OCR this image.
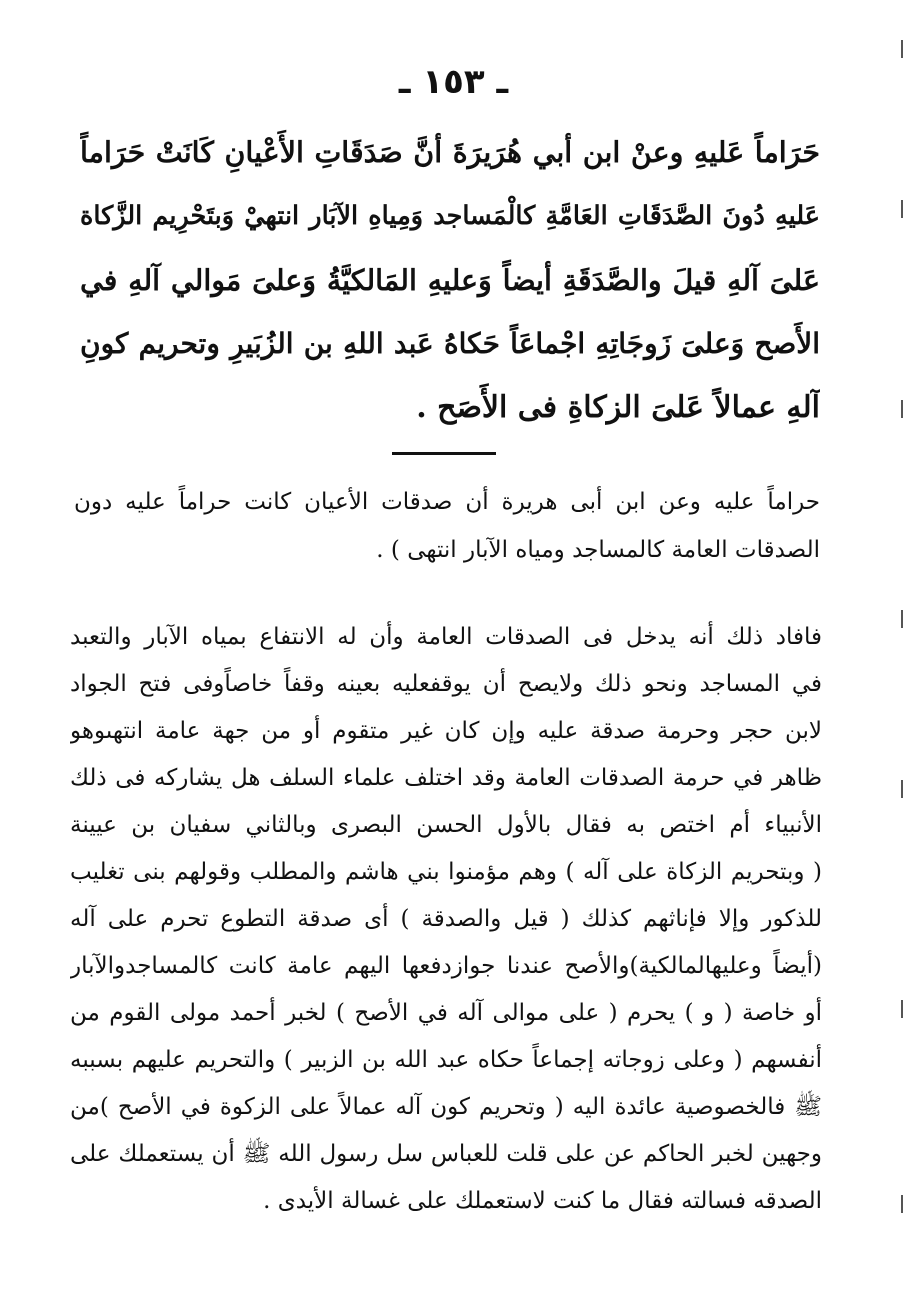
ـ ١٥٣ ـ
حَرَاماً عَليهِ وعنْ ابن أبي هُرَيرَةَ أنَّ صَدَقَاتِ الأَعْيانِ كَانَتْ حَرَاماً
عَليهِ دُونَ الصَّدَقَاتِ العَامَّةِ كالْمَساجد وَمِياهِ الآبَار انتهيْ وَبتَحْرِيم الزَّكاة
عَلىَ آلهِ قيلَ والصَّدَقَةِ أيضاً وَعليهِ المَالكيَّةُ وَعلىَ مَوالي آلهِ في
الأَصح وَعلىَ زَوجَاتِهِ اجْماعَاً حَكاهُ عَبد اللهِ بن الزُبَيرِ وتحريم كونِ
آلهِ عمالاً عَلىَ الزكاةِ فى الأَصَح .
حراماً عليه وعن ابن أبى هريرة أن صدقات الأعيان كانت حراماً عليه دون
الصدقات العامة كالمساجد ومياه الآبار انتهى ) .
فافاد ذلك أنه يدخل فى الصدقات العامة وأن له الانتفاع بمياه الآبار والتعبد
في المساجد ونحو ذلك ولايصح أن يوقفعليه بعينه وقفاً خاصاًوفى فتح الجواد
لابن حجر وحرمة صدقة عليه وإن كان غير متقوم أو من جهة عامة انتهىوهو
ظاهر في حرمة الصدقات العامة وقد اختلف علماء السلف هل يشاركه فى ذلك
الأنبياء أم اختص به فقال بالأول الحسن البصرى وبالثاني سفيان بن عيينة
( وبتحريم الزكاة على آله ) وهم مؤمنوا بني هاشم والمطلب وقولهم بنى تغليب
للذكور وإلا فإناثهم كذلك ( قيل والصدقة ) أى صدقة التطوع تحرم على آله
(أيضاً وعليهالمالكية)والأصح عندنا جوازدفعها اليهم عامة كانت كالمساجدوالآبار
أو خاصة ( و ) يحرم ( على موالى آله في الأصح ) لخبر أحمد مولى القوم من
أنفسهم ( وعلى زوجاته إجماعاً حكاه عبد الله بن الزبير ) والتحريم عليهم بسببه
ﷺ فالخصوصية عائدة اليه ( وتحريم كون آله عمالاً على الزكوة في الأصح )من
وجهين لخبر الحاكم عن على قلت للعباس سل رسول الله ﷺ أن يستعملك على
الصدقه فسالته فقال ما كنت لاستعملك على غسالة الأيدى .
